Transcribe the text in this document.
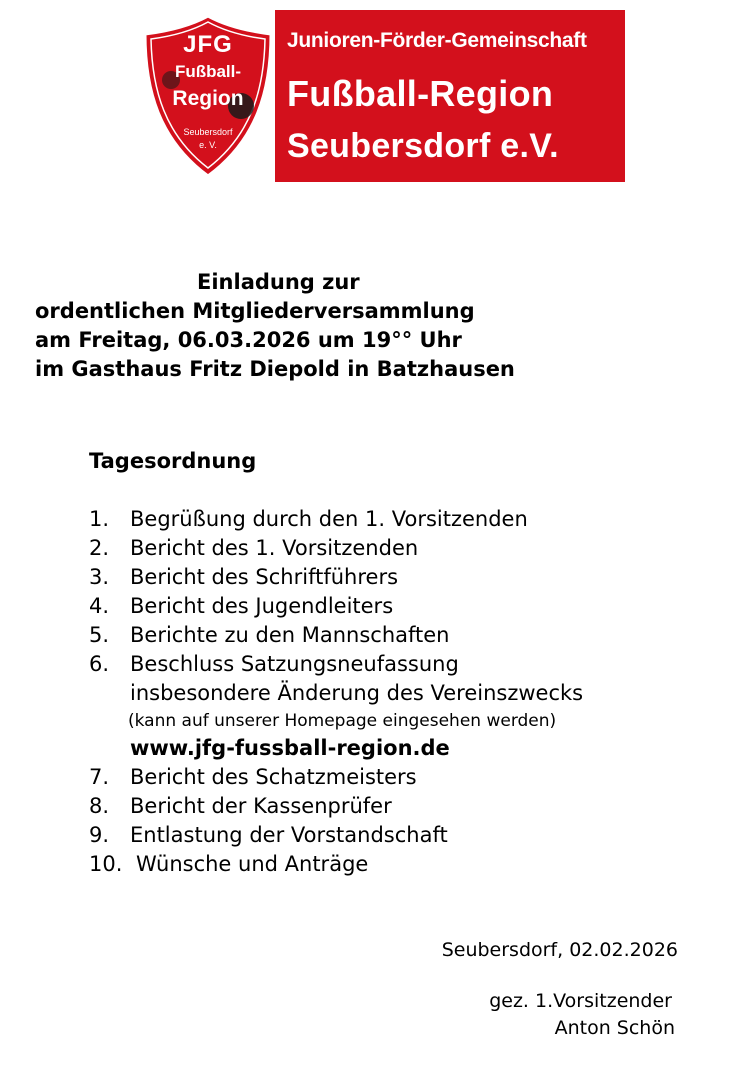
JFG
Fußball-
Region
Seubersdorf
e. V.
Junioren-Förder-Gemeinschaft
Fußball-Region
Seubersdorf e.V.
Einladung zur
ordentlichen Mitgliederversammlung
am Freitag, 06.03.2026 um 19°° Uhr
im Gasthaus Fritz Diepold in Batzhausen
Tagesordnung
1. Begrüßung durch den 1. Vorsitzenden
2. Bericht des 1. Vorsitzenden
3. Bericht des Schriftführers
4. Bericht des Jugendleiters
5. Berichte zu den Mannschaften
6. Beschluss Satzungsneufassung
insbesondere Änderung des Vereinszwecks
(kann auf unserer Homepage eingesehen werden)
www.jfg-fussball-region.de
7. Bericht des Schatzmeisters
8. Bericht der Kassenprüfer
9. Entlastung der Vorstandschaft
10. Wünsche und Anträge
Seubersdorf, 02.02.2026
gez. 1.Vorsitzender
Anton Schön
